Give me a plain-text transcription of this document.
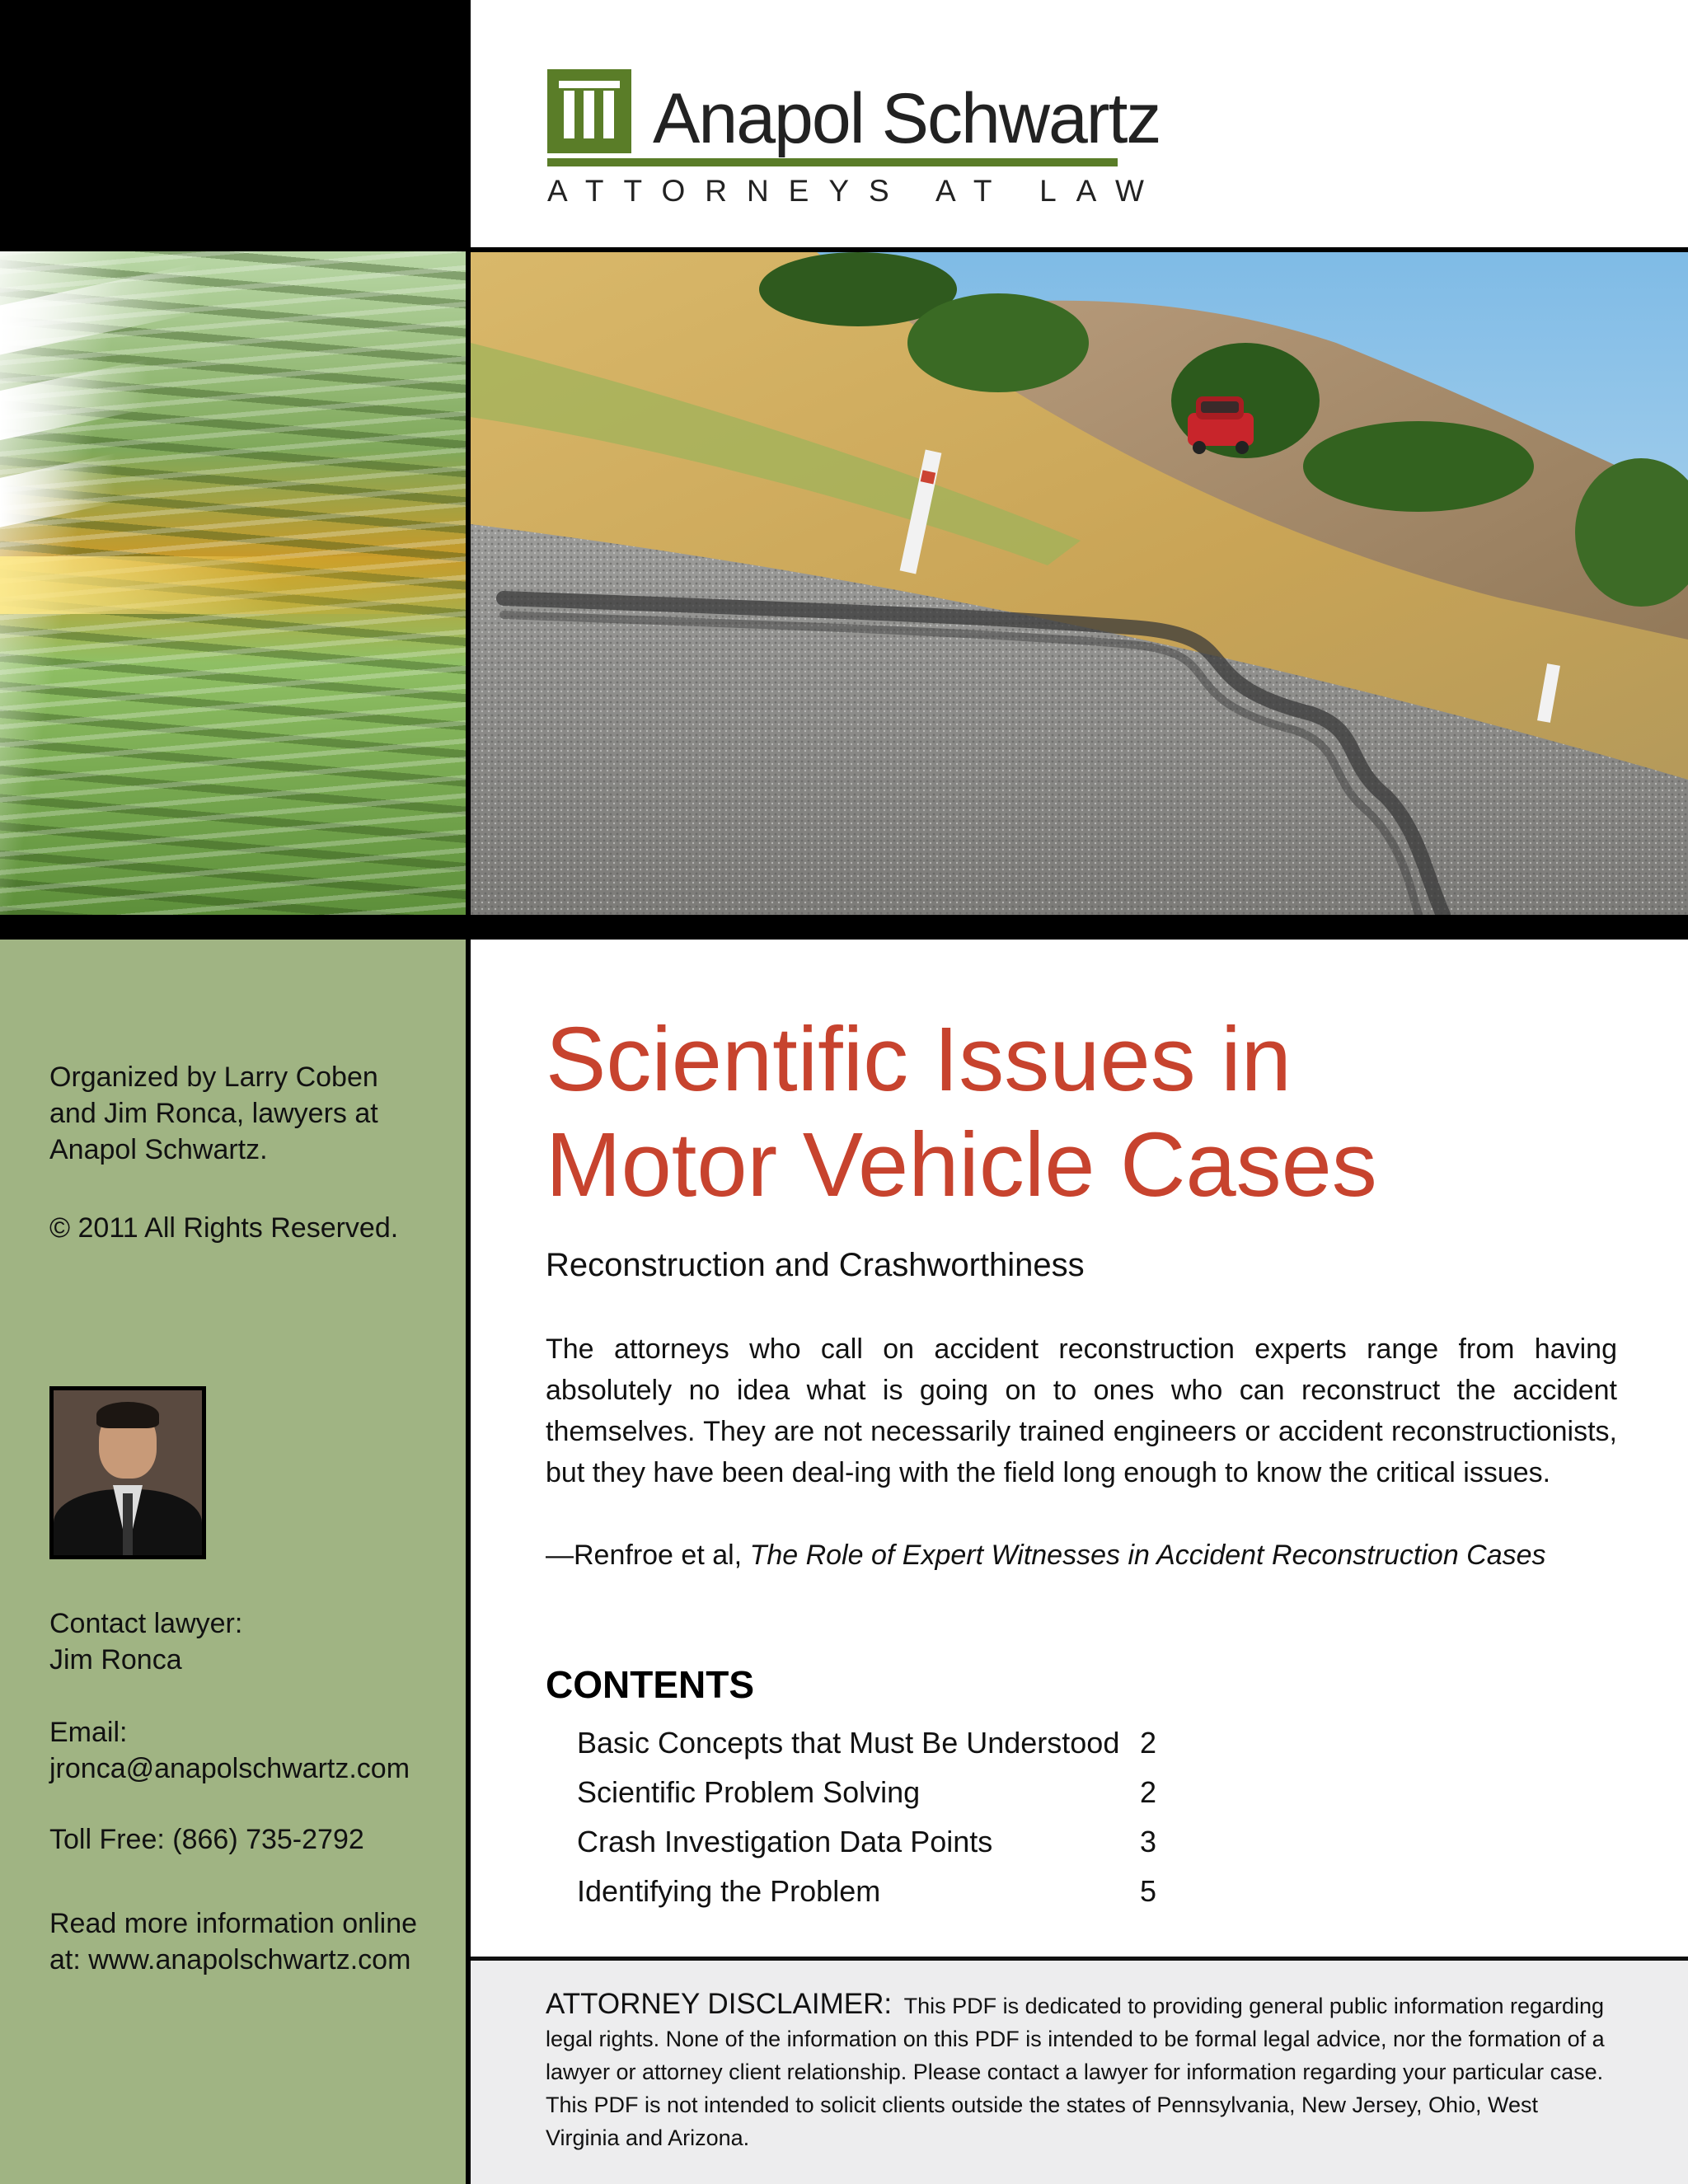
Organized by Larry Coben and Jim Ronca, lawyers at Anapol Schwartz.
© 2011 All Rights Reserved.

Contact lawyer:

Jim Ronca

Email:

jronca@anapolschwartz.com

Toll Free: (866) 735-2792

Read more information online

at: www.anapolschwartz.com

Anapol Schwartz
ATTORNEYS AT LAW
Scientific Issues in
Motor Vehicle Cases
Reconstruction and Crashworthiness

The attorneys who call on accident reconstruction experts range from having absolutely no idea what is going on to ones who can reconstruct the accident themselves. They are not necessarily trained engineers or accident reconstructionists, but they have been deal-ing with the field long enough to know the critical issues.

—Renfroe et al, The Role of Expert Witnesses in Accident Reconstruction Cases
CONTENTS
Basic Concepts that Must Be Understood 2
Scientific Problem Solving	2
Crash Investigation Data Points	3
Identifying the Problem	5

ATTORNEY DISCLAIMER: This PDF is dedicated to providing general public information regarding legal rights. None of the information on this PDF is intended to be formal legal advice, nor the formation of a lawyer or attorney client relationship. Please contact a lawyer for information regarding your particular case. This PDF is not intended to solicit clients outside the states of Pennsylvania, New Jersey, Ohio, West Virginia and Arizona.
